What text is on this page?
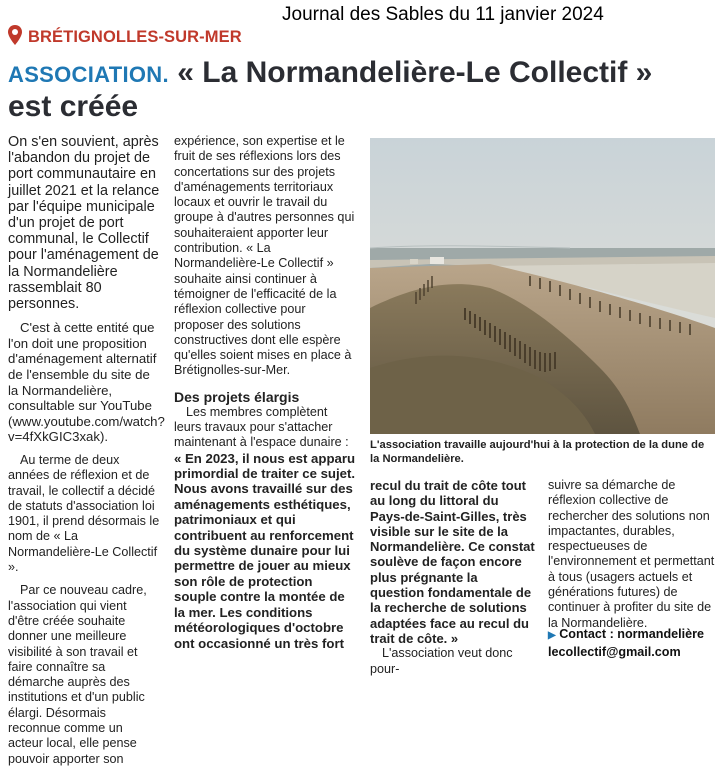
Journal des Sables du 11 janvier 2024
BRÉTIGNOLLES-SUR-MER
ASSOCIATION. « La Normandelière-Le Collectif »
est créée

On s'en souvient, après l'abandon du projet de port communautaire en juillet 2021 et la relance par l'équipe municipale d'un projet de port communal, le Collectif pour l'aménagement de la Normandelière rassemblait 80 personnes.

C'est à cette entité que l'on doit une proposition d'aménagement alternatif de l'ensemble du site de la Normandelière, consultable sur YouTube (www.youtube.com/watch?v=4fXkGIC3xak).

Au terme de deux années de réflexion et de travail, le collectif a décidé de statuts d'association loi 1901, il prend désormais le nom de « La Normandelière-Le Collectif ».

Par ce nouveau cadre, l'association qui vient d'être créée souhaite donner une meilleure visibilité à son travail et faire connaître sa démarche auprès des institutions et d'un public élargi. Désormais reconnue comme un acteur local, elle pense pouvoir apporter son

expérience, son expertise et le fruit de ses réflexions lors des concertations sur des projets d'aménagements territoriaux locaux et ouvrir le travail du groupe à d'autres personnes qui souhaiteraient apporter leur contribution. « La Normandelière-Le Collectif » souhaite ainsi continuer à témoigner de l'efficacité de la réflexion collective pour proposer des solutions constructives dont elle espère qu'elles soient mises en place à Brétignolles-sur-Mer.

Des projets élargis

Les membres complètent leurs travaux pour s'attacher maintenant à l'espace dunaire :

« En 2023, il nous est apparu primordial de traiter ce sujet. Nous avons travaillé sur des aménagements esthétiques, patrimoniaux et qui contribuent au renforcement du système dunaire pour lui permettre de jouer au mieux son rôle de protection souple contre la montée de la mer. Les conditions météorologiques d'octobre ont occasionné un très fort

L'association travaille aujourd'hui à la protection de la dune de la Normandelière.

recul du trait de côte tout au long du littoral du Pays-de-Saint-Gilles, très visible sur le site de la Normandelière. Ce constat soulève de façon encore plus prégnante la question fondamentale de la recherche de solutions adaptées face au recul du trait de côte. »

L'association veut donc pour-

suivre sa démarche de réflexion collective de rechercher des solutions non impactantes, durables, respectueuses de l'environnement et permettant à tous (usagers actuels et générations futures) de continuer à profiter du site de la Normandelière.

▶ Contact : normandelière
lecollectif@gmail.com
